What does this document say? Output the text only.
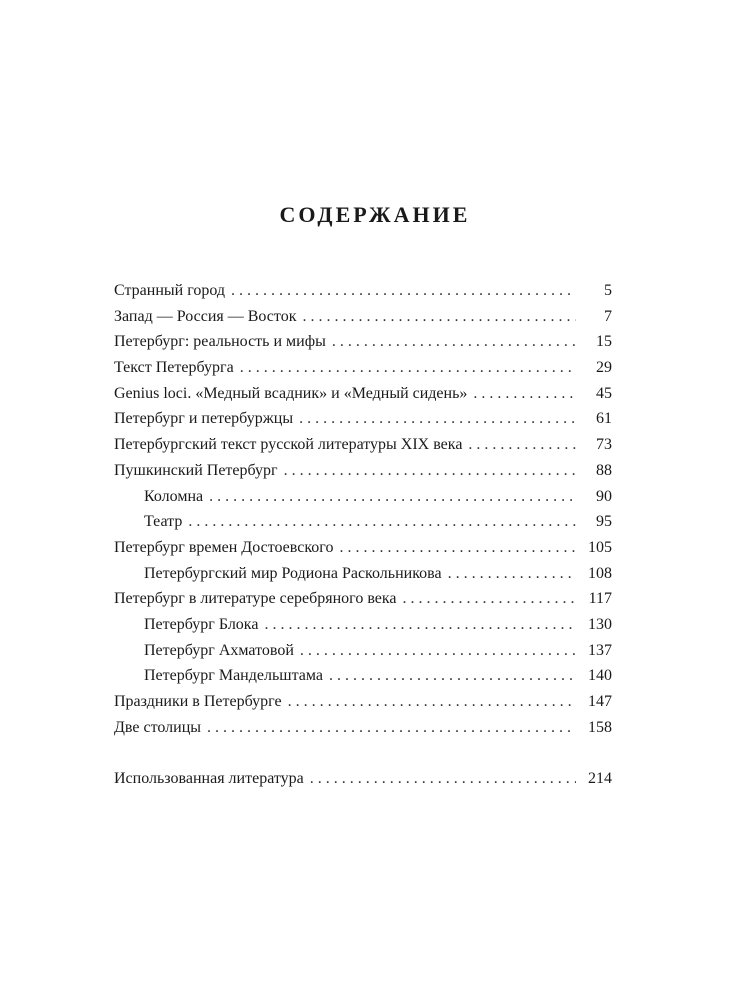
СОДЕРЖАНИЕ
Странный город . . .	5
Запад — Россия — Восток . . .	7
Петербург: реальность и мифы . . .	15
Текст Петербурга . . .	29
Genius loci. «Медный всадник» и «Медный сидень» . . .	45
Петербург и петербуржцы . . .	61
Петербургский текст русской литературы XIX века . . .	73
Пушкинский Петербург . . .	88
Коломна . . .	90
Театр . . .	95
Петербург времен Достоевского . . .	105
Петербургский мир Родиона Раскольникова . . .	108
Петербург в литературе серебряного века . . .	117
Петербург Блока . . .	130
Петербург Ахматовой . . .	137
Петербург Мандельштама . . .	140
Праздники в Петербурге . . .	147
Две столицы . . .	158
Использованная литература . . .	214
